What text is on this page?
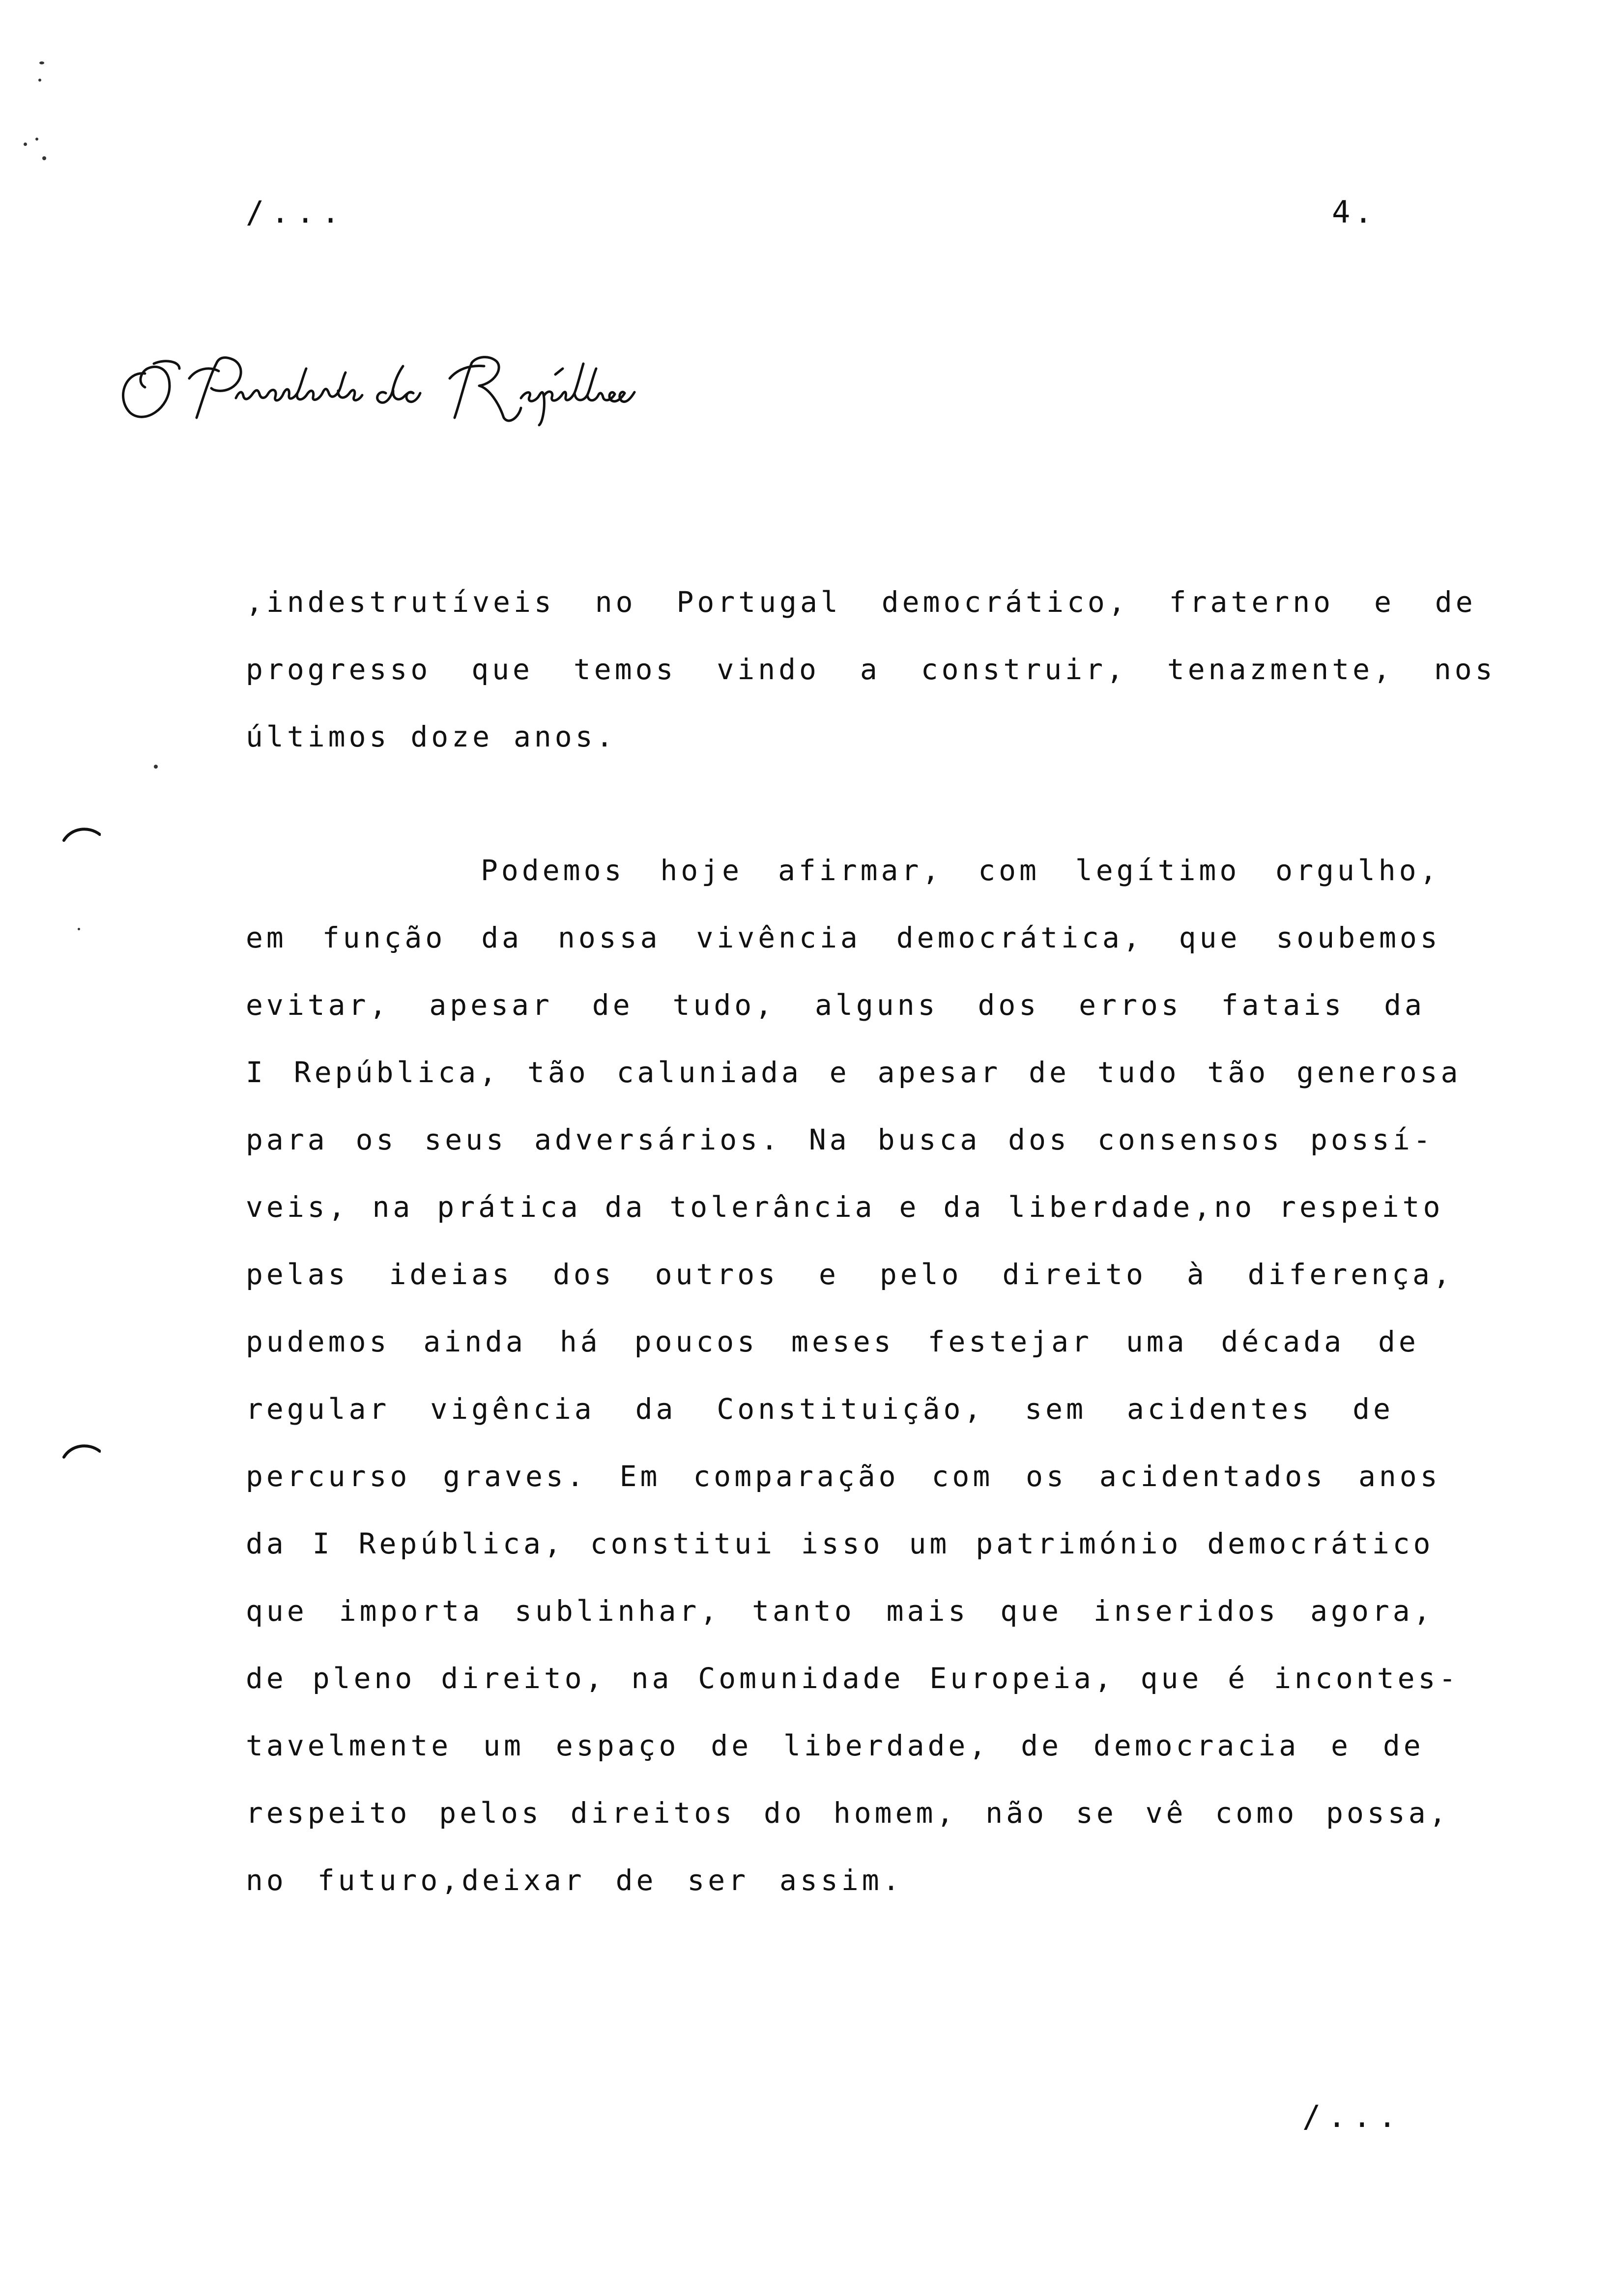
/...	4.
,indestrutíveis no Portugal democrático, fraterno e de
progresso que temos vindo a construir, tenazmente, nos
últimos doze anos.
Podemos hoje afirmar, com legítimo orgulho,
em função da nossa vivência democrática, que soubemos
evitar, apesar de tudo, alguns dos erros fatais da
I República, tão caluniada e apesar de tudo tão generosa
para os seus adversários. Na busca dos consensos possí-
veis, na prática da tolerância e da liberdade,no respeito
pelas ideias dos outros e pelo direito à diferença,
pudemos ainda há poucos meses festejar uma década de
regular vigência da Constituição, sem acidentes de
percurso graves. Em comparação com os acidentados anos
da I República, constitui isso um património democrático
que importa sublinhar, tanto mais que inseridos agora,
de pleno direito, na Comunidade Europeia, que é incontes-
tavelmente um espaço de liberdade, de democracia e de
respeito pelos direitos do homem, não se vê como possa,
no futuro,deixar de ser assim.
/...
